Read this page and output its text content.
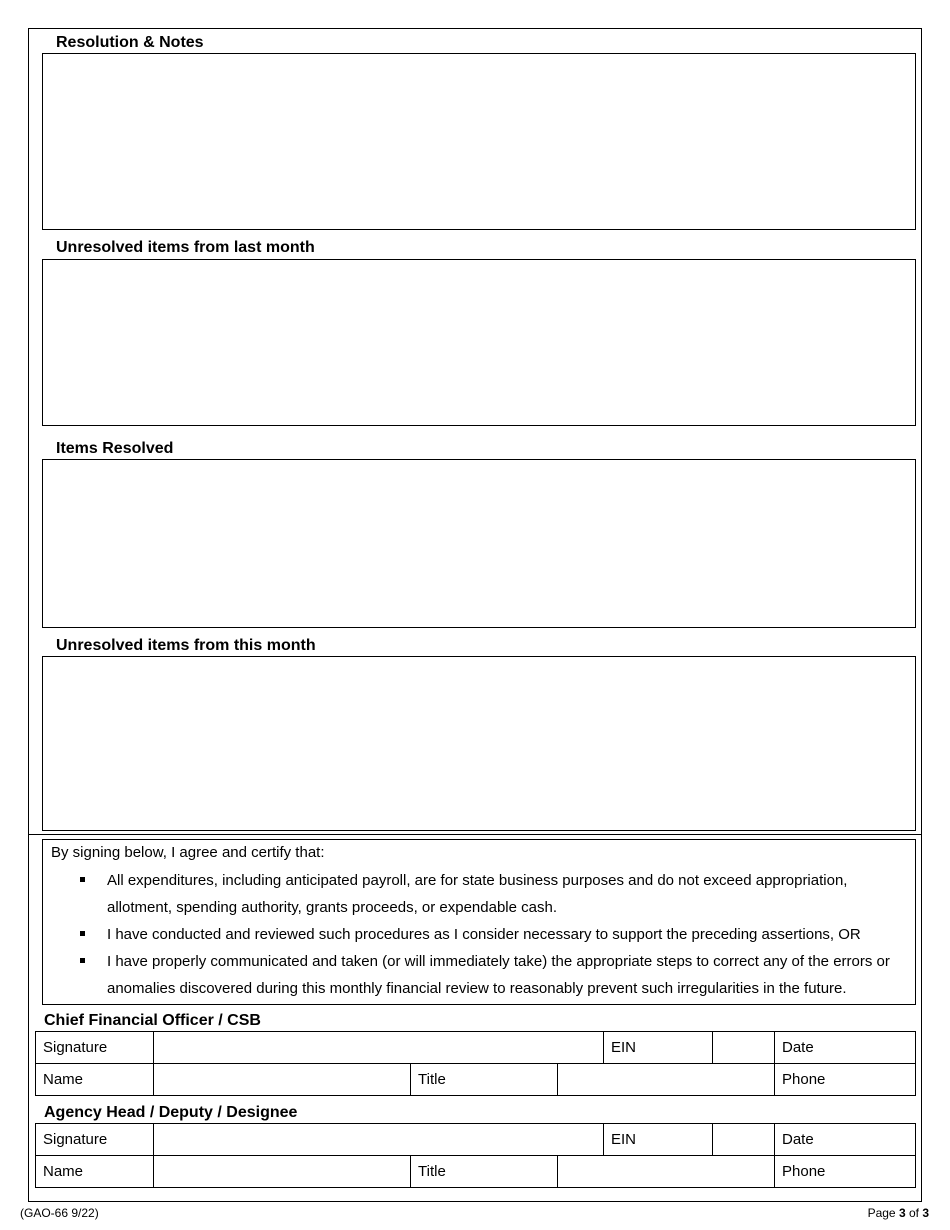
Resolution & Notes
Unresolved items from last month
Items Resolved
Unresolved items from this month
By signing below, I agree and certify that:
All expenditures, including anticipated payroll, are for state business purposes and do not exceed appropriation, allotment, spending authority, grants proceeds, or expendable cash.
I have conducted and reviewed such procedures as I consider necessary to support the preceding assertions, OR
I have properly communicated and taken (or will immediately take) the appropriate steps to correct any of the errors or anomalies discovered during this monthly financial review to reasonably prevent such irregularities in the future.
Chief Financial Officer / CSB
Signature				EIN		Date	
Name		Title				Phone	
Agency Head / Deputy / Designee
Signature				EIN		Date	
Name		Title				Phone	
(GAO-66 9/22)	Page 3 of 3
